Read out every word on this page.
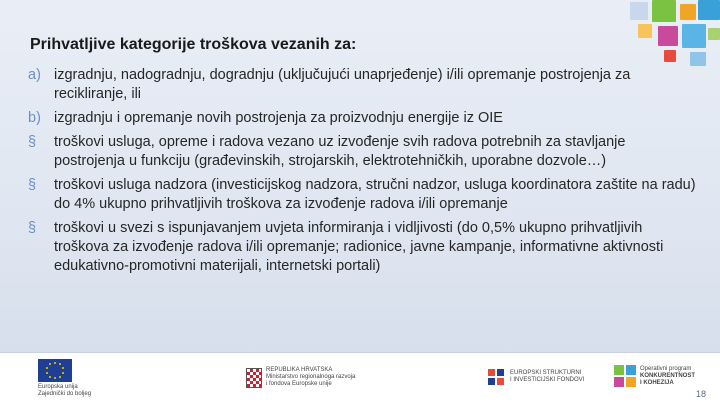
Prihvatljive kategorije troškova vezanih za:
a) izgradnju, nadogradnju, dogradnju (uključujući unaprjeđenje) i/ili opremanje postrojenja za recikliranje, ili
b) izgradnju i opremanje novih postrojenja za proizvodnju energije iz OIE
§ troškovi usluga, opreme i radova vezano uz izvođenje svih radova potrebnih za stavljanje postrojenja u funkciju (građevinskih, strojarskih, elektrotehničkih, uporabne dozvole…)
§ troškovi usluga nadzora (investicijskog nadzora, stručni nadzor, usluga koordinatora zaštite na radu) do 4% ukupno prihvatljivih troškova za izvođenje radova i/ili opremanje
§ troškovi u svezi s ispunjavanjem uvjeta informiranja i vidljivosti (do 0,5% ukupno prihvatljivih troškova za izvođenje radova i/ili opremanje; radionice, javne kampanje, informativne aktivnosti edukativno-promotivni materijali, internetski portali)
Europska unija
Zajednički do boljeg
REPUBLIKA HRVATSKA
Ministarstvo regionalnoga razvoja
i fondova Europske unije
EUROPSKI STRUKTURNI
I INVESTICIJSKI FONDOVI
Operativni program
KONKURENTNOST
I KOHEZIJA
18
